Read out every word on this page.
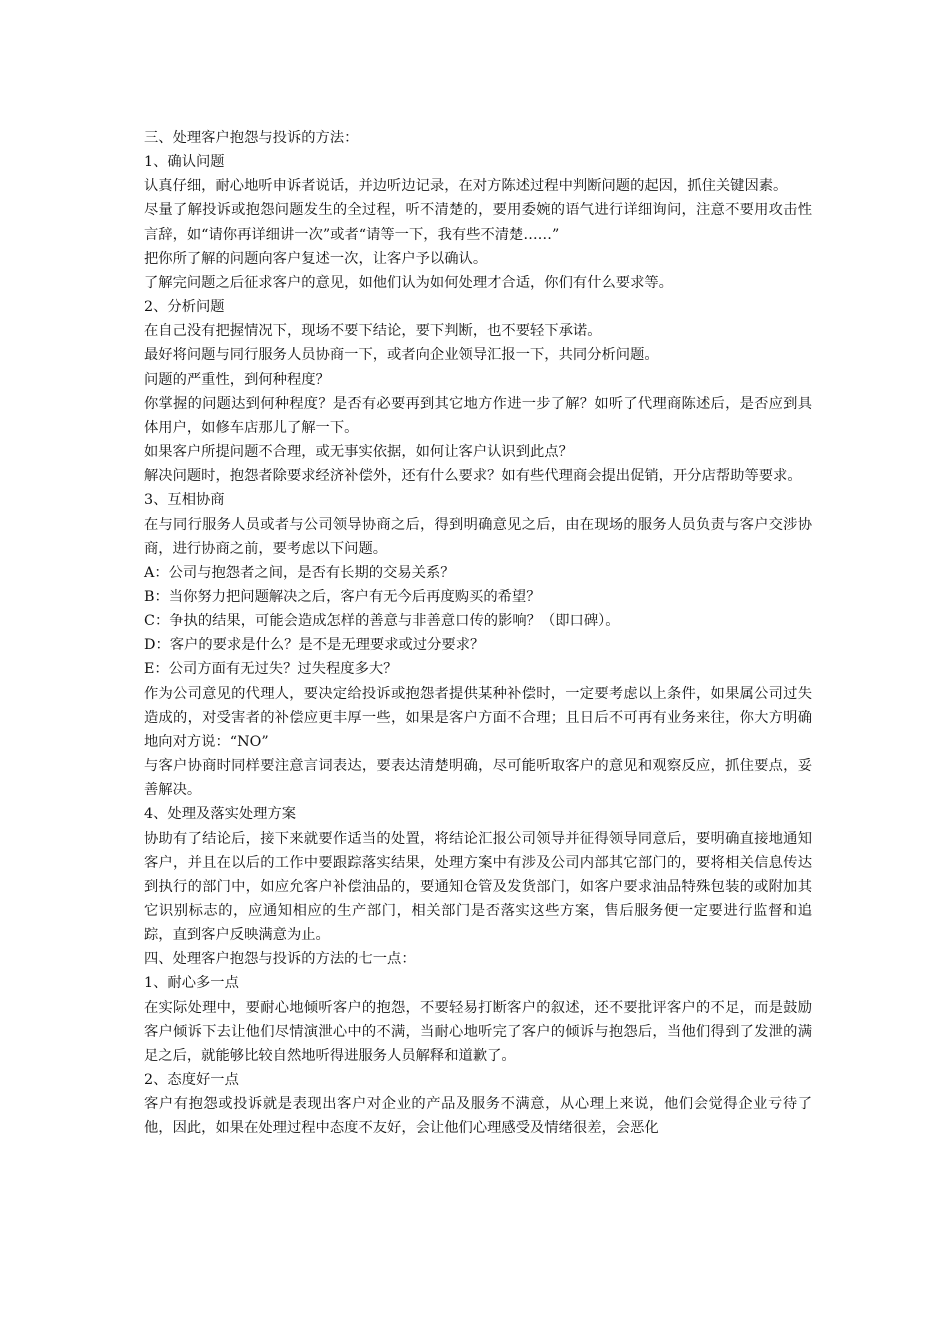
三、处理客户抱怨与投诉的方法：

1、确认问题

认真仔细，耐心地听申诉者说话，并边听边记录，在对方陈述过程中判断问题的起因，抓住关键因素。

尽量了解投诉或抱怨问题发生的全过程，听不清楚的，要用委婉的语气进行详细询问，注意不要用攻击性言辞，如“请你再详细讲一次”或者“请等一下，我有些不清楚……”

把你所了解的问题向客户复述一次，让客户予以确认。

了解完问题之后征求客户的意见，如他们认为如何处理才合适，你们有什么要求等。

2、分析问题

在自己没有把握情况下，现场不要下结论，要下判断，也不要轻下承诺。

最好将问题与同行服务人员协商一下，或者向企业领导汇报一下，共同分析问题。

问题的严重性，到何种程度？

你掌握的问题达到何种程度？是否有必要再到其它地方作进一步了解？如听了代理商陈述后，是否应到具体用户，如修车店那儿了解一下。

如果客户所提问题不合理，或无事实依据，如何让客户认识到此点？

解决问题时，抱怨者除要求经济补偿外，还有什么要求？如有些代理商会提出促销，开分店帮助等要求。

3、互相协商

在与同行服务人员或者与公司领导协商之后，得到明确意见之后，由在现场的服务人员负责与客户交涉协商，进行协商之前，要考虑以下问题。

A：公司与抱怨者之间，是否有长期的交易关系？

B：当你努力把问题解决之后，客户有无今后再度购买的希望？

C：争执的结果，可能会造成怎样的善意与非善意口传的影响？（即口碑）。

D：客户的要求是什么？是不是无理要求或过分要求？

E：公司方面有无过失？过失程度多大？

作为公司意见的代理人，要决定给投诉或抱怨者提供某种补偿时，一定要考虑以上条件，如果属公司过失造成的，对受害者的补偿应更丰厚一些，如果是客户方面不合理；且日后不可再有业务来往，你大方明确地向对方说：“NO”

与客户协商时同样要注意言词表达，要表达清楚明确，尽可能听取客户的意见和观察反应，抓住要点，妥善解决。

4、处理及落实处理方案

协助有了结论后，接下来就要作适当的处置，将结论汇报公司领导并征得领导同意后，要明确直接地通知客户，并且在以后的工作中要跟踪落实结果，处理方案中有涉及公司内部其它部门的，要将相关信息传达到执行的部门中，如应允客户补偿油品的，要通知仓管及发货部门，如客户要求油品特殊包装的或附加其它识别标志的，应通知相应的生产部门，相关部门是否落实这些方案，售后服务便一定要进行监督和追踪，直到客户反映满意为止。

四、处理客户抱怨与投诉的方法的七一点：

1、耐心多一点

在实际处理中，要耐心地倾听客户的抱怨，不要轻易打断客户的叙述，还不要批评客户的不足，而是鼓励客户倾诉下去让他们尽情演泄心中的不满，当耐心地听完了客户的倾诉与抱怨后，当他们得到了发泄的满足之后，就能够比较自然地听得进服务人员解释和道歉了。

2、态度好一点

客户有抱怨或投诉就是表现出客户对企业的产品及服务不满意，从心理上来说，他们会觉得企业亏待了他，因此，如果在处理过程中态度不友好，会让他们心理感受及情绪很差，会恶化
